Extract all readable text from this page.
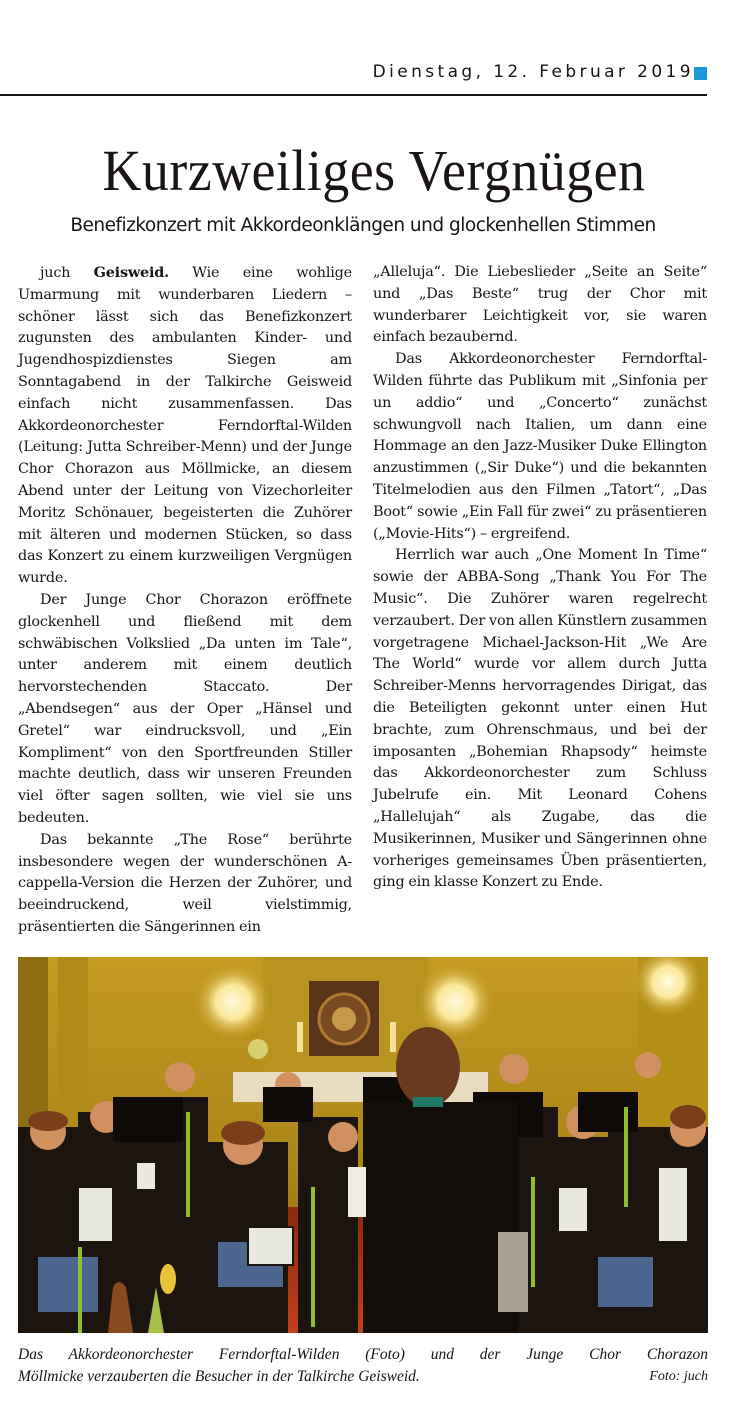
Dienstag, 12. Februar 2019
Kurzweiliges Vergnügen
Benefizkonzert mit Akkordeonklängen und glockenhellen Stimmen

juch Geisweid. Wie eine wohlige Umarmung mit wunderbaren Liedern – schöner lässt sich das Benefizkonzert zugunsten des ambulanten Kinder- und Jugendhospizdienstes Siegen am Sonntagabend in der Talkirche Geisweid einfach nicht zusammenfassen. Das Akkordeonorchester Ferndorftal-Wilden (Leitung: Jutta Schreiber-Menn) und der Junge Chor Chorazon aus Möllmicke, an diesem Abend unter der Leitung von Vizechorleiter Moritz Schönauer, begeisterten die Zuhörer mit älteren und modernen Stücken, so dass das Konzert zu einem kurzweiligen Vergnügen wurde.

Der Junge Chor Chorazon eröffnete glockenhell und fließend mit dem schwäbischen Volkslied „Da unten im Tale“, unter anderem mit einem deutlich hervorstechenden Staccato. Der „Abendsegen“ aus der Oper „Hänsel und Gretel“ war eindrucksvoll, und „Ein Kompliment“ von den Sportfreunden Stiller machte deutlich, dass wir unseren Freunden viel öfter sagen sollten, wie viel sie uns bedeuten.

Das bekannte „The Rose“ berührte insbesondere wegen der wunderschönen A-cappella-Version die Herzen der Zuhörer, und beeindruckend, weil vielstimmig, präsentierten die Sängerinnen ein

„Alleluja“. Die Liebeslieder „Seite an Seite“ und „Das Beste“ trug der Chor mit wunderbarer Leichtigkeit vor, sie waren einfach bezaubernd.

Das Akkordeonorchester Ferndorftal-Wilden führte das Publikum mit „Sinfonia per un addio“ und „Concerto“ zunächst schwungvoll nach Italien, um dann eine Hommage an den Jazz-Musiker Duke Ellington anzustimmen („Sir Duke“) und die bekannten Titelmelodien aus den Filmen „Tatort“, „Das Boot“ sowie „Ein Fall für zwei“ zu präsentieren („Movie-Hits“) – ergreifend.

Herrlich war auch „One Moment In Time“ sowie der ABBA-Song „Thank You For The Music“. Die Zuhörer waren regelrecht verzaubert. Der von allen Künstlern zusammen vorgetragene Michael-Jackson-Hit „We Are The World“ wurde vor allem durch Jutta Schreiber-Menns hervorragendes Dirigat, das die Beteiligten gekonnt unter einen Hut brachte, zum Ohrenschmaus, und bei der imposanten „Bohemian Rhapsody“ heimste das Akkordeonorchester zum Schluss Jubelrufe ein. Mit Leonard Cohens „Hallelujah“ als Zugabe, das die Musikerinnen, Musiker und Sängerinnen ohne vorheriges gemeinsames Üben präsentierten, ging ein klasse Konzert zu Ende.

Das Akkordeonorchester Ferndorftal-Wilden (Foto) und der Junge Chor Chorazon
Möllmicke verzauberten die Besucher in der Talkirche Geisweid.	Foto: juch
